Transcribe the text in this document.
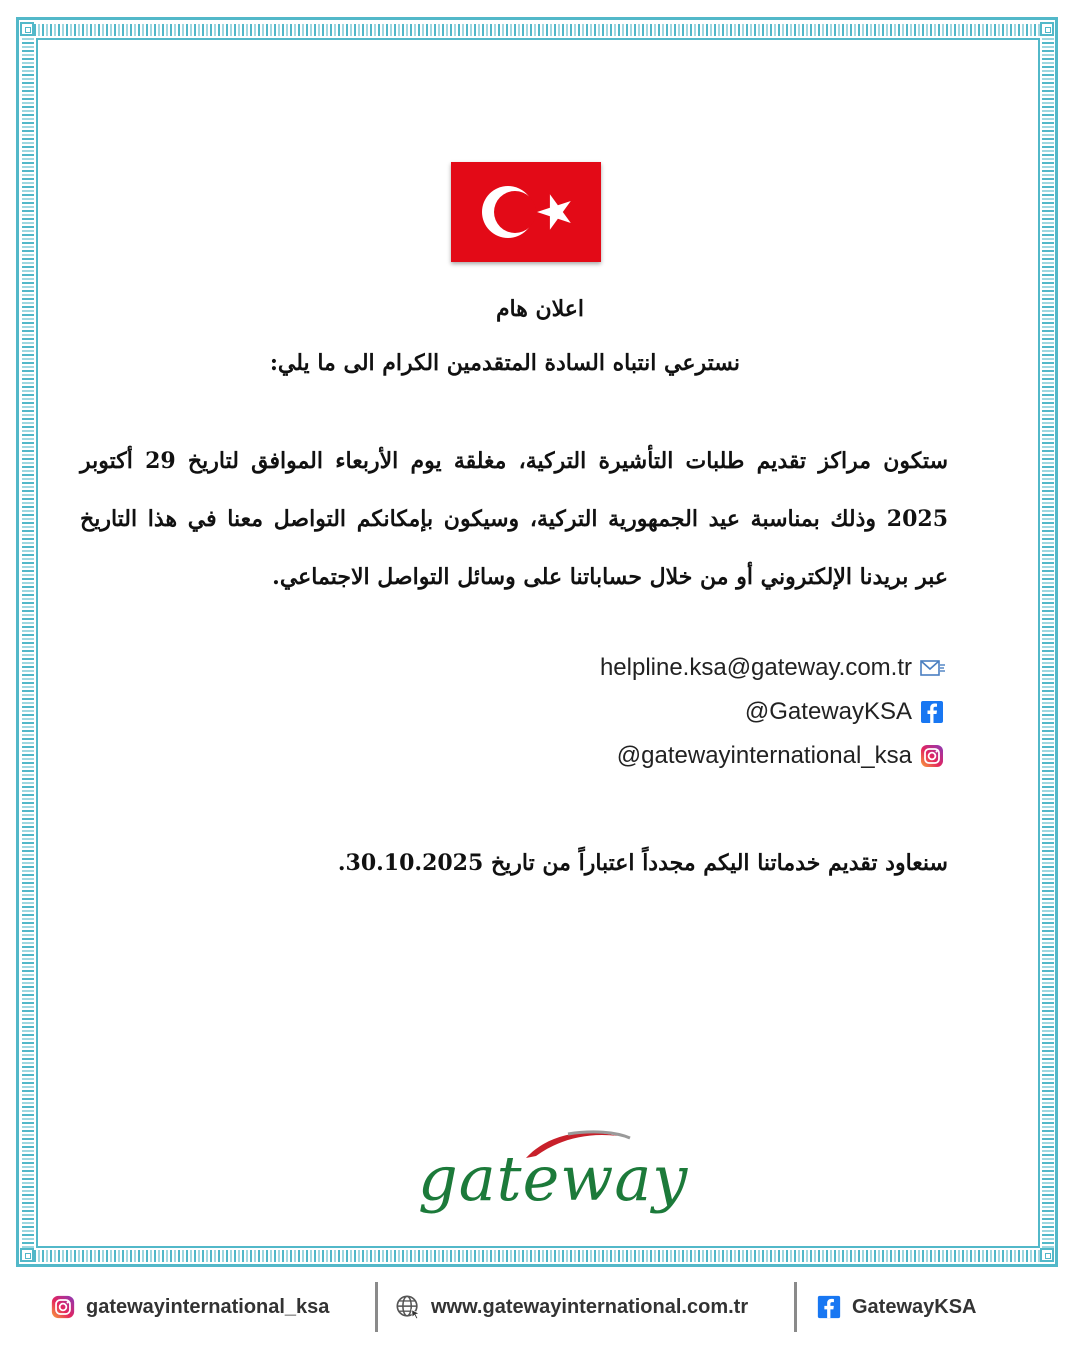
اعلان هام
نسترعي انتباه السادة المتقدمين الكرام الى ما يلي:
ستكون مراكز تقديم طلبات التأشيرة التركية، مغلقة يوم الأربعاء الموافق لتاريخ 29 أكتوبر 2025 وذلك بمناسبة عيد الجمهورية التركية، وسيكون بإمكانكم التواصل معنا في هذا التاريخ عبر بريدنا الإلكتروني أو من خلال حساباتنا على وسائل التواصل الاجتماعي.
helpline.ksa@gateway.com.tr
@GatewayKSA
@gatewayinternational_ksa
سنعاود تقديم خدماتنا اليكم مجدداً اعتباراً من تاريخ 30.10.2025.
gateway
gatewayinternational_ksa	www.gatewayinternational.com.tr	GatewayKSA
